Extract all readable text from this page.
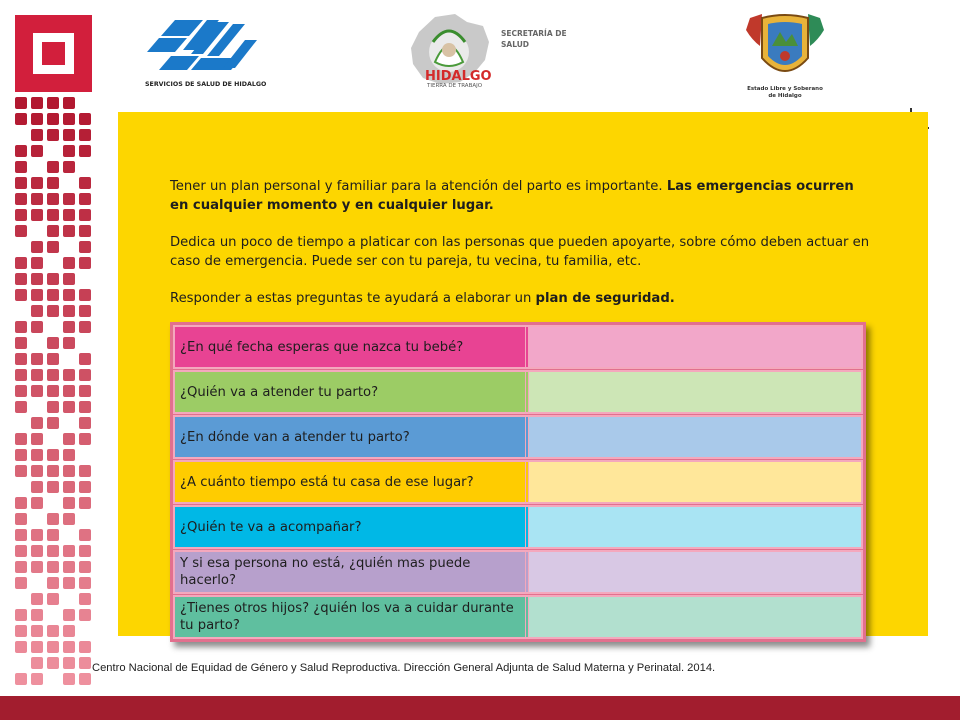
SERVICIOS DE SALUD DE HIDALGO
HIDALGO
TIERRA DE TRABAJO
SECRETARÍA DE
SALUD
Estado Libre y Soberano
de Hidalgo
Tener un plan personal y familiar para la atención del parto es importante. Las emergencias ocurren en cualquier momento y en cualquier lugar.
Dedica un poco de tiempo a platicar con las personas que pueden apoyarte, sobre cómo deben actuar en caso de emergencia. Puede ser con tu pareja, tu vecina, tu familia, etc.
Responder a estas preguntas te ayudará a elaborar un plan de seguridad.
¿En qué fecha esperas que nazca tu bebé?
¿Quién va a atender tu parto?
¿En dónde van a atender tu parto?
¿A cuánto tiempo está tu casa de ese lugar?
¿Quién te va a acompañar?
Y si esa persona no está, ¿quién mas puede hacerlo?
¿Tienes otros hijos? ¿quién los va a cuidar durante tu parto?
Centro Nacional de Equidad de Género y Salud Reproductiva. Dirección General Adjunta de Salud Materna y Perinatal. 2014.
